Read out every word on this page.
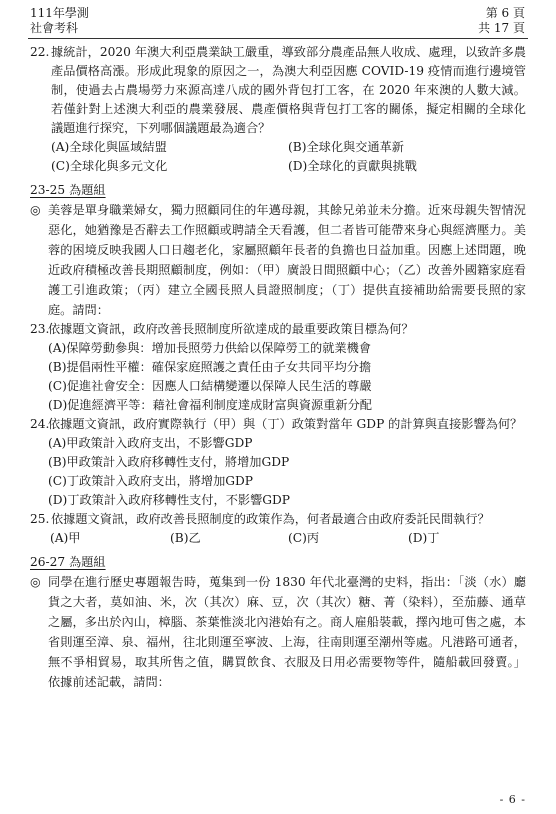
111年學測
社會考科
第 6 頁
共 17 頁
22. 據統計，2020 年澳大利亞農業缺工嚴重，導致部分農產品無人收成、處理，以致許多農產品價格高漲。形成此現象的原因之一，為澳大利亞因應 COVID-19 疫情而進行邊境管制，使過去占農場勞力來源高達八成的國外背包打工客，在 2020 年來澳的人數大減。若僅針對上述澳大利亞的農業發展、農產價格與背包打工客的關係，擬定相關的全球化議題進行探究，下列哪個議題最為適合？
(A)全球化與區域結盟	(B)全球化與交通革新
(C)全球化與多元文化	(D)全球化的貢獻與挑戰
23-25 為題組
◎ 美蓉是單身職業婦女，獨力照顧同住的年邁母親，其餘兄弟並未分擔。近來母親失智情況惡化，她猶豫是否辭去工作照顧或聘請全天看護，但二者皆可能帶來身心與經濟壓力。美蓉的困境反映我國人口日趨老化，家屬照顧年長者的負擔也日益加重。因應上述問題，晚近政府積極改善長期照顧制度，例如：（甲）廣設日間照顧中心；（乙）改善外國籍家庭看護工引進政策；（丙）建立全國長照人員證照制度；（丁）提供直接補助給需要長照的家庭。請問：
23.
依據題文資訊，政府改善長照制度所欲達成的最重要政策目標為何？
(A)保障勞動參與：增加長照勞力供給以保障勞工的就業機會
(B)提倡兩性平權：確保家庭照護之責任由子女共同平均分擔
(C)促進社會安全：因應人口結構變遷以保障人民生活的尊嚴
(D)促進經濟平等：藉社會福利制度達成財富與資源重新分配
24.
依據題文資訊，政府實際執行（甲）與（丁）政策對當年 GDP 的計算與直接影響為何？
(A)甲政策計入政府支出，不影響GDP
(B)甲政策計入政府移轉性支付，將增加GDP
(C)丁政策計入政府支出，將增加GDP
(D)丁政策計入政府移轉性支付，不影響GDP
25. 依據題文資訊，政府改善長照制度的政策作為，何者最適合由政府委託民間執行？
(A)甲	(B)乙	(C)丙	(D)丁
26-27 為題組
◎ 同學在進行歷史專題報告時，蒐集到一份 1830 年代北臺灣的史料，指出：「淡（水）廳貨之大者，莫如油、米，次（其次）麻、豆，次（其次）糖、菁（染料），至茄藤、通草之屬，多出於內山，樟腦、茶葉惟淡北內港始有之。商人雇船裝載，擇內地可售之處，本省則運至漳、泉、福州，往北則運至寧波、上海，往南則運至潮州等處。凡港路可通者，無不爭相貿易，取其所售之值，購買飲食、衣服及日用必需要物等件，隨船載回發賣。」依據前述記載，請問：
- 6 -
